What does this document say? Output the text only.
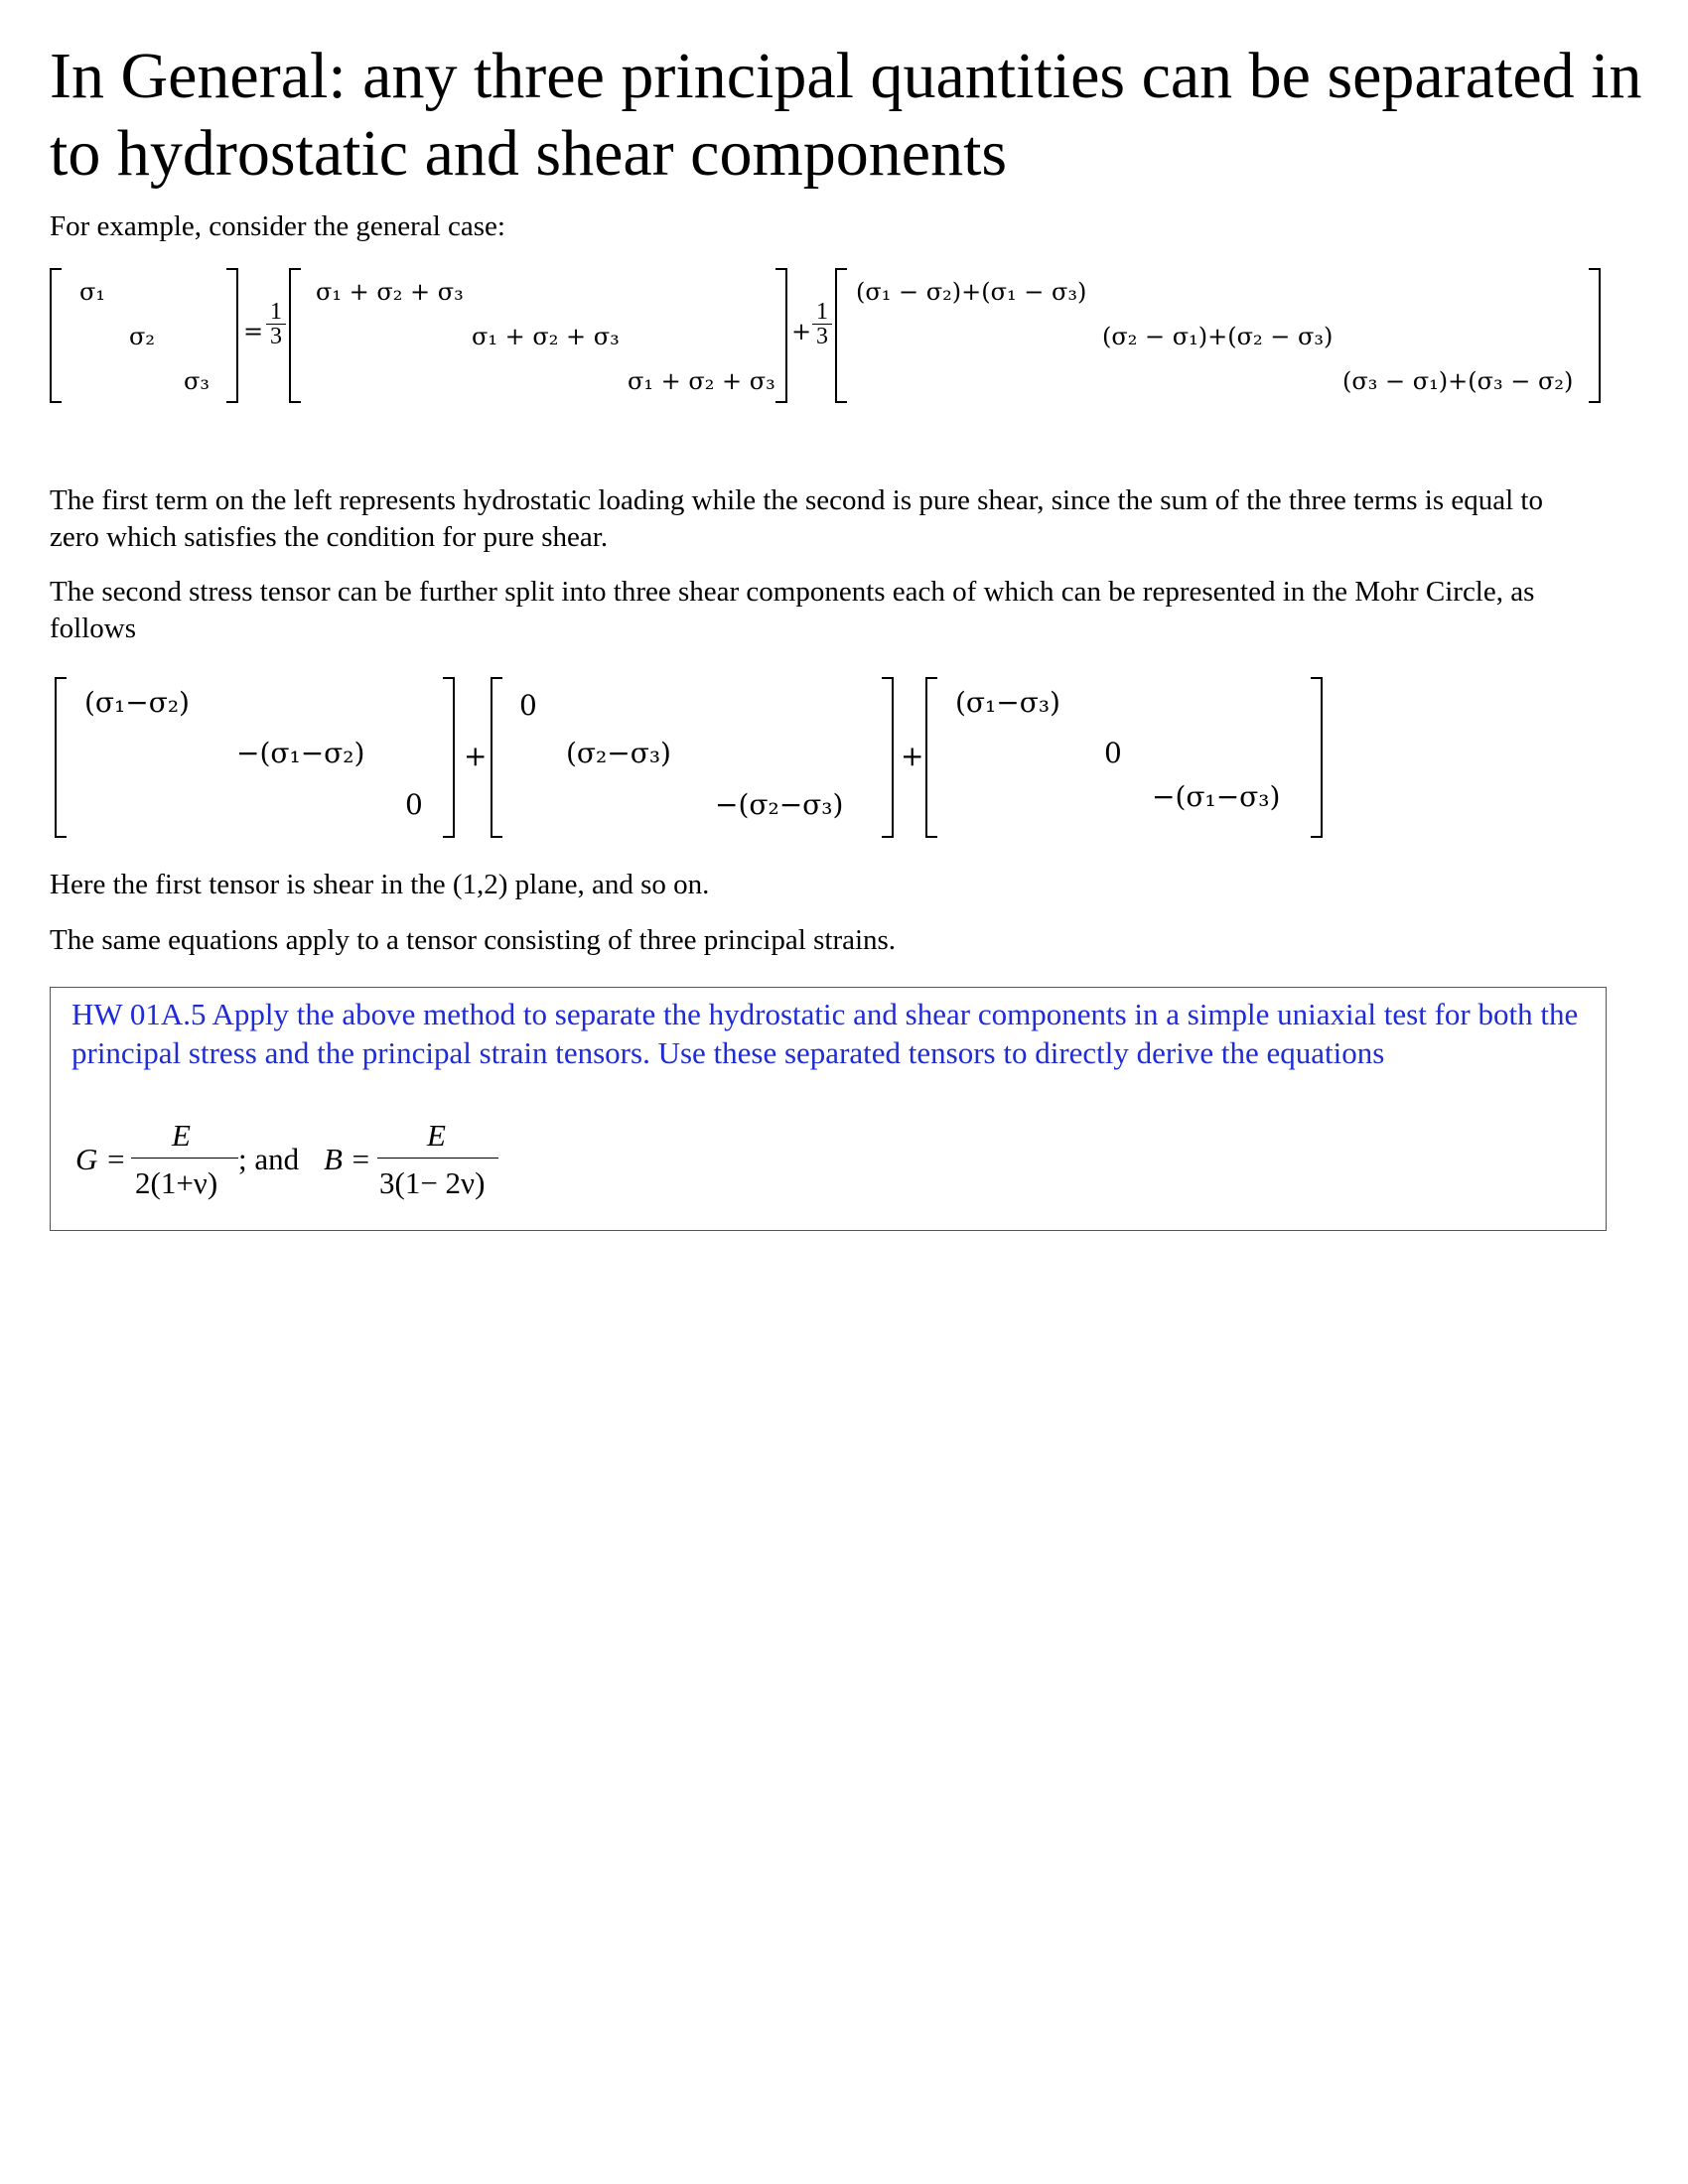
In General: any three principal quantities can be separated in to hydrostatic and shear components
For example, consider the general case:
σ₁
σ₂
σ₃
=
1
3
σ₁ + σ₂ + σ₃
σ₁ + σ₂ + σ₃
σ₁ + σ₂ + σ₃
+
1
3
(σ₁ − σ₂)+(σ₁ − σ₃)
(σ₂ − σ₁)+(σ₂ − σ₃)
(σ₃ − σ₁)+(σ₃ − σ₂)
The first term on the left represents hydrostatic loading while the second is pure shear, since the sum of the three terms is equal to zero which satisfies the condition for pure shear.
The second stress tensor can be further split into three shear components each of which can be represented in the Mohr Circle, as follows
(σ₁−σ₂)
−(σ₁−σ₂)
0
+
0
(σ₂−σ₃)
−(σ₂−σ₃)
+
(σ₁−σ₃)
0
−(σ₁−σ₃)
Here the first tensor is shear in the (1,2) plane, and so on.
The same equations apply to a tensor consisting of three principal strains.
HW 01A.5 Apply the above method to separate the hydrostatic and shear components in a simple uniaxial test for both the principal stress and the principal strain tensors. Use these separated tensors to directly derive the equations
G =
E
2(1+ν)
; and B =
E
3(1− 2ν)
